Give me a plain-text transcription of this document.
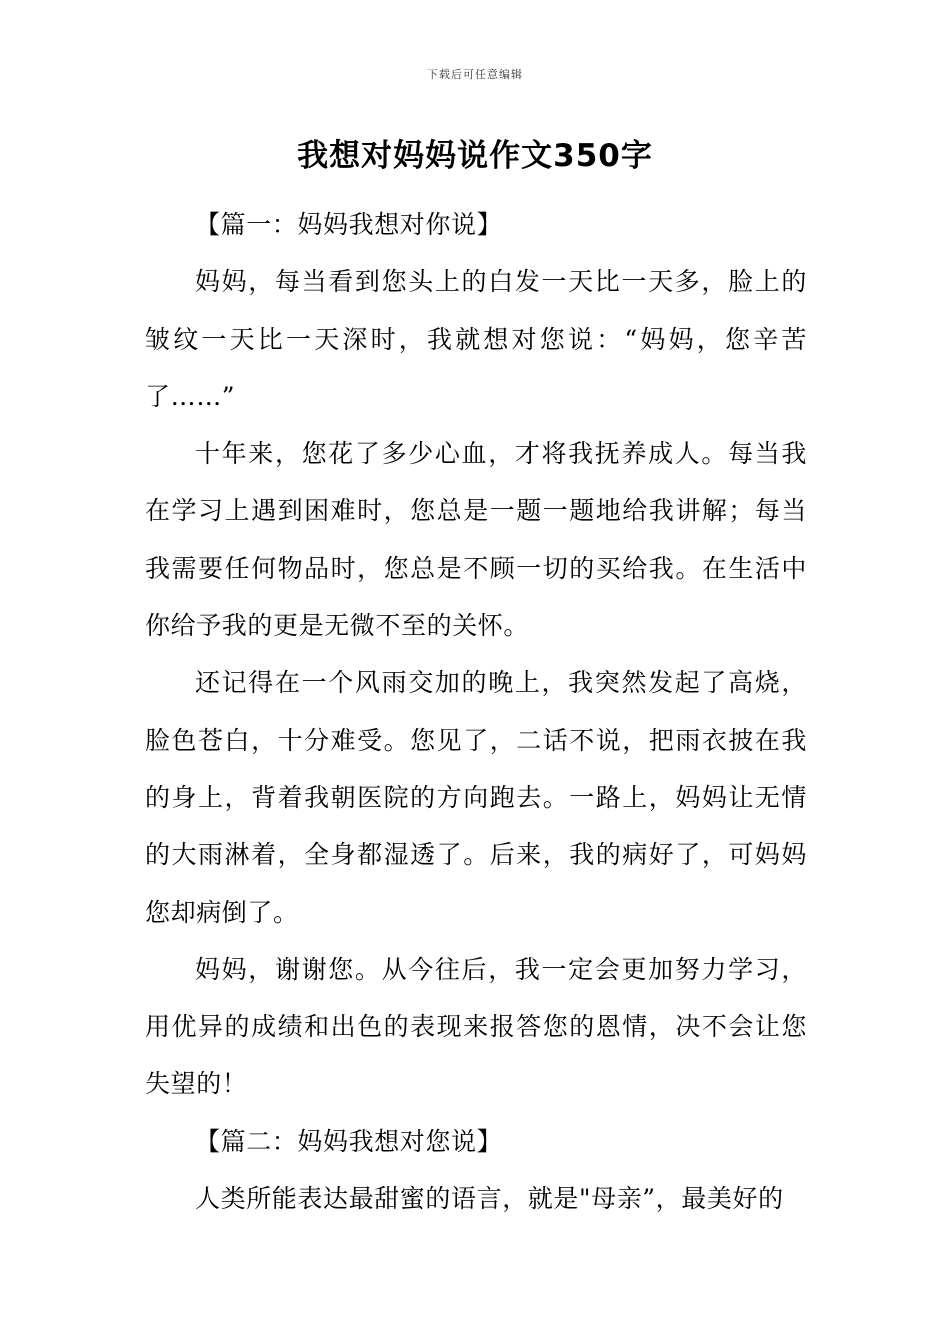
下载后可任意编辑
我想对妈妈说作文350字

【篇一：妈妈我想对你说】

妈妈，每当看到您头上的白发一天比一天多，脸上的皱纹一天比一天深时，我就想对您说：“妈妈，您辛苦了……”

十年来，您花了多少心血，才将我抚养成人。每当我在学习上遇到困难时，您总是一题一题地给我讲解；每当我需要任何物品时，您总是不顾一切的买给我。在生活中你给予我的更是无微不至的关怀。

还记得在一个风雨交加的晚上，我突然发起了高烧，脸色苍白，十分难受。您见了，二话不说，把雨衣披在我的身上，背着我朝医院的方向跑去。一路上，妈妈让无情的大雨淋着，全身都湿透了。后来，我的病好了，可妈妈您却病倒了。

妈妈，谢谢您。从今往后，我一定会更加努力学习，用优异的成绩和出色的表现来报答您的恩情，决不会让您失望的！

【篇二：妈妈我想对您说】

人类所能表达最甜蜜的语言，就是"母亲”，最美好的
